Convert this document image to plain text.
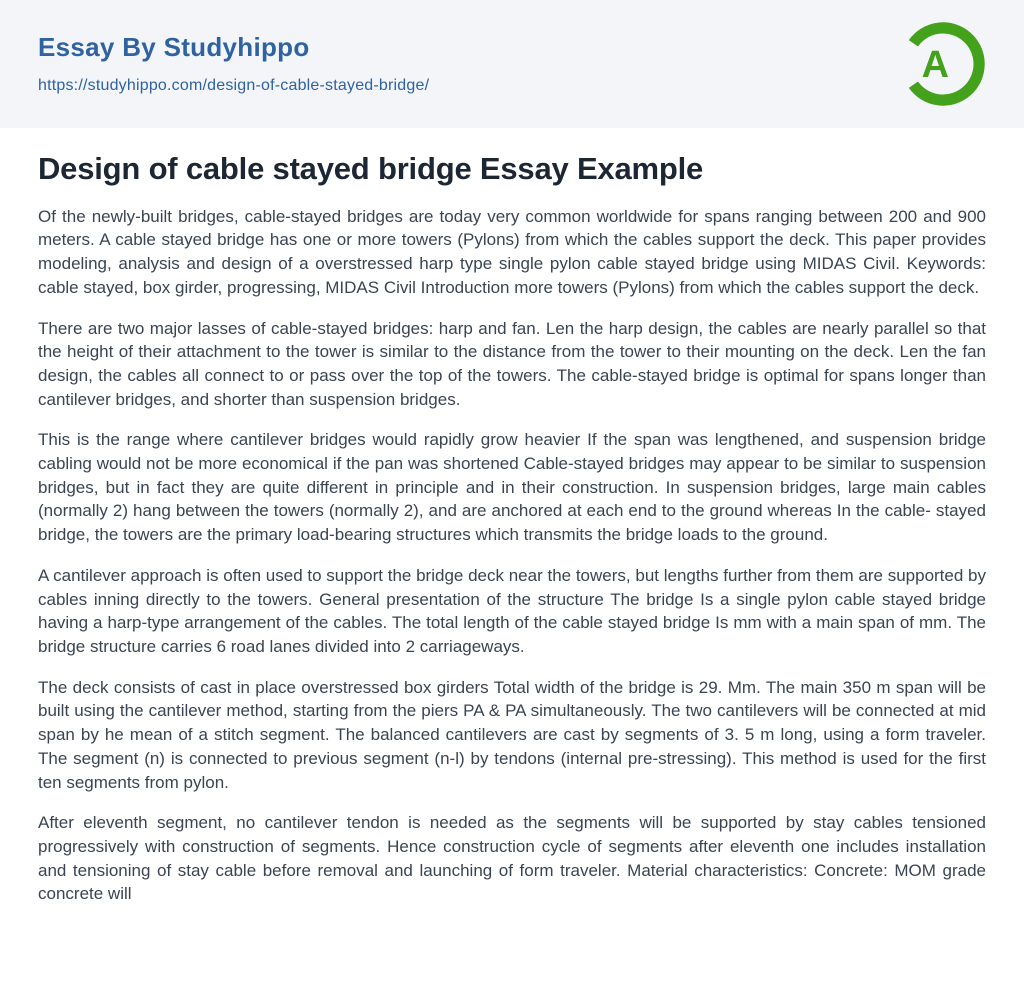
Essay By Studyhippo
https://studyhippo.com/design-of-cable-stayed-bridge/	A
Design of cable stayed bridge Essay Example

Of the newly-built bridges, cable-stayed bridges are today very common worldwide for spans ranging between 200 and 900 meters. A cable stayed bridge has one or more towers (Pylons) from which the cables support the deck. This paper provides modeling, analysis and design of a overstressed harp type single pylon cable stayed bridge using MIDAS Civil. Keywords: cable stayed, box girder, progressing, MIDAS Civil Introduction more towers (Pylons) from which the cables support the deck.

There are two major lasses of cable-stayed bridges: harp and fan. Len the harp design, the cables are nearly parallel so that the height of their attachment to the tower is similar to the distance from the tower to their mounting on the deck. Len the fan design, the cables all connect to or pass over the top of the towers. The cable-stayed bridge is optimal for spans longer than cantilever bridges, and shorter than suspension bridges.

This is the range where cantilever bridges would rapidly grow heavier If the span was lengthened, and suspension bridge cabling would not be more economical if the pan was shortened Cable-stayed bridges may appear to be similar to suspension bridges, but in fact they are quite different in principle and in their construction. In suspension bridges, large main cables (normally 2) hang between the towers (normally 2), and are anchored at each end to the ground whereas In the cable- stayed bridge, the towers are the primary load-bearing structures which transmits the bridge loads to the ground.

A cantilever approach is often used to support the bridge deck near the towers, but lengths further from them are supported by cables inning directly to the towers. General presentation of the structure The bridge Is a single pylon cable stayed bridge having a harp-type arrangement of the cables. The total length of the cable stayed bridge Is mm with a main span of mm. The bridge structure carries 6 road lanes divided into 2 carriageways.

The deck consists of cast in place overstressed box girders Total width of the bridge is 29. Mm. The main 350 m span will be built using the cantilever method, starting from the piers PA & PA simultaneously. The two cantilevers will be connected at mid span by he mean of a stitch segment. The balanced cantilevers are cast by segments of 3. 5 m long, using a form traveler. The segment (n) is connected to previous segment (n-l) by tendons (internal pre-stressing). This method is used for the first ten segments from pylon.

After eleventh segment, no cantilever tendon is needed as the segments will be supported by stay cables tensioned progressively with construction of segments. Hence construction cycle of segments after eleventh one includes installation and tensioning of stay cable before removal and launching of form traveler. Material characteristics: Concrete: MOM grade concrete will
